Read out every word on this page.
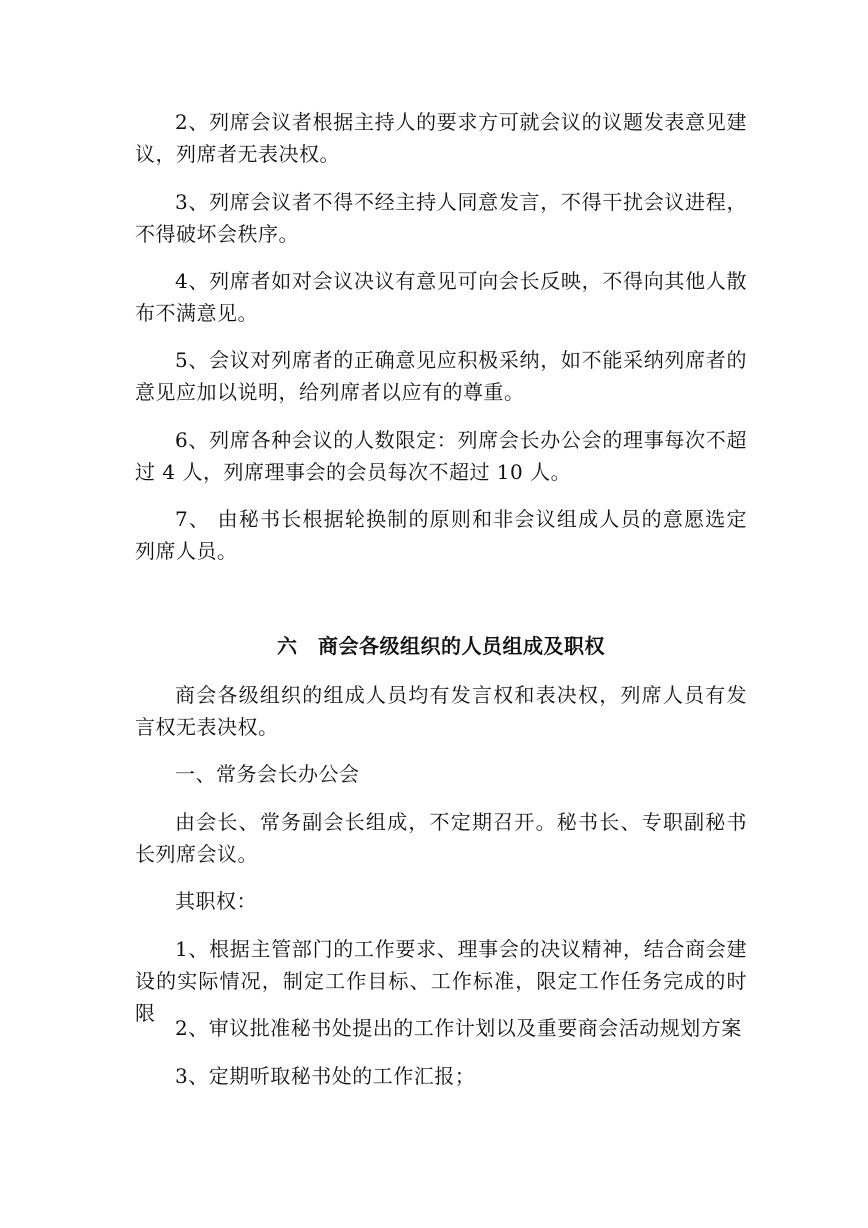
2、列席会议者根据主持人的要求方可就会议的议题发表意见建议，列席者无表决权。

3、列席会议者不得不经主持人同意发言，不得干扰会议进程，不得破坏会秩序。

4、列席者如对会议决议有意见可向会长反映，不得向其他人散布不满意见。

5、会议对列席者的正确意见应积极采纳，如不能采纳列席者的意见应加以说明，给列席者以应有的尊重。

6、列席各种会议的人数限定：列席会长办公会的理事每次不超过 4 人，列席理事会的会员每次不超过 10 人。

7、 由秘书长根据轮换制的原则和非会议组成人员的意愿选定列席人员。

六　商会各级组织的人员组成及职权

商会各级组织的组成人员均有发言权和表决权，列席人员有发言权无表决权。

一、常务会长办公会

由会长、常务副会长组成，不定期召开。秘书长、专职副秘书长列席会议。

其职权：

1、根据主管部门的工作要求、理事会的决议精神，结合商会建设的实际情况，制定工作目标、工作标准，限定工作任务完成的时限

2、审议批准秘书处提出的工作计划以及重要商会活动规划方案

3、定期听取秘书处的工作汇报；
